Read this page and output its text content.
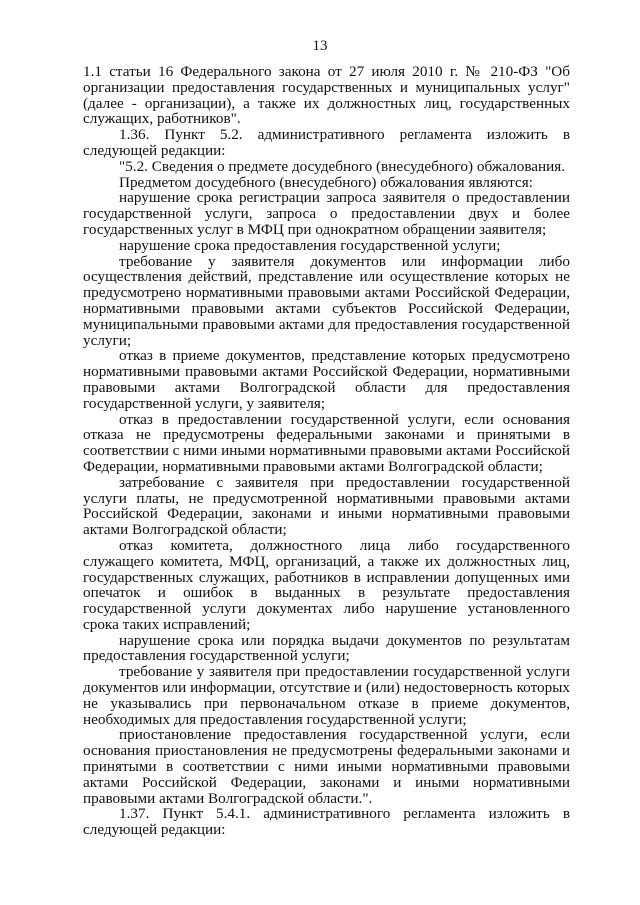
13

1.1 статьи 16 Федерального закона от 27 июля 2010 г. № 210-ФЗ "Об организации предоставления государственных и муниципальных услуг" (далее - организации), а также их должностных лиц, государственных служащих, работников".

1.36. Пункт 5.2. административного регламента изложить в следующей редакции:

"5.2. Сведения о предмете досудебного (внесудебного) обжалования.

Предметом досудебного (внесудебного) обжалования являются:

нарушение срока регистрации запроса заявителя о предоставлении государственной услуги, запроса о предоставлении двух и более государственных услуг в МФЦ при однократном обращении заявителя;

нарушение срока предоставления государственной услуги;

требование у заявителя документов или информации либо осуществления действий, представление или осуществление которых не предусмотрено нормативными правовыми актами Российской Федерации, нормативными правовыми актами субъектов Российской Федерации, муниципальными правовыми актами для предоставления государственной услуги;

отказ в приеме документов, представление которых предусмотрено нормативными правовыми актами Российской Федерации, нормативными правовыми актами Волгоградской области для предоставления государственной услуги, у заявителя;

отказ в предоставлении государственной услуги, если основания отказа не предусмотрены федеральными законами и принятыми в соответствии с ними иными нормативными правовыми актами Российской Федерации, нормативными правовыми актами Волгоградской области;

затребование с заявителя при предоставлении государственной услуги платы, не предусмотренной нормативными правовыми актами Российской Федерации, законами и иными нормативными правовыми актами Волгоградской области;

отказ комитета, должностного лица либо государственного служащего комитета, МФЦ, организаций, а также их должностных лиц, государственных служащих, работников в исправлении допущенных ими опечаток и ошибок в выданных в результате предоставления государственной услуги документах либо нарушение установленного срока таких исправлений;

нарушение срока или порядка выдачи документов по результатам предоставления государственной услуги;

требование у заявителя при предоставлении государственной услуги документов или информации, отсутствие и (или) недостоверность которых не указывались при первоначальном отказе в приеме документов, необходимых для предоставления государственной услуги;

приостановление предоставления государственной услуги, если основания приостановления не предусмотрены федеральными законами и принятыми в соответствии с ними иными нормативными правовыми актами Российской Федерации, законами и иными нормативными правовыми актами Волгоградской области.".

1.37. Пункт 5.4.1. административного регламента изложить в следующей редакции:
